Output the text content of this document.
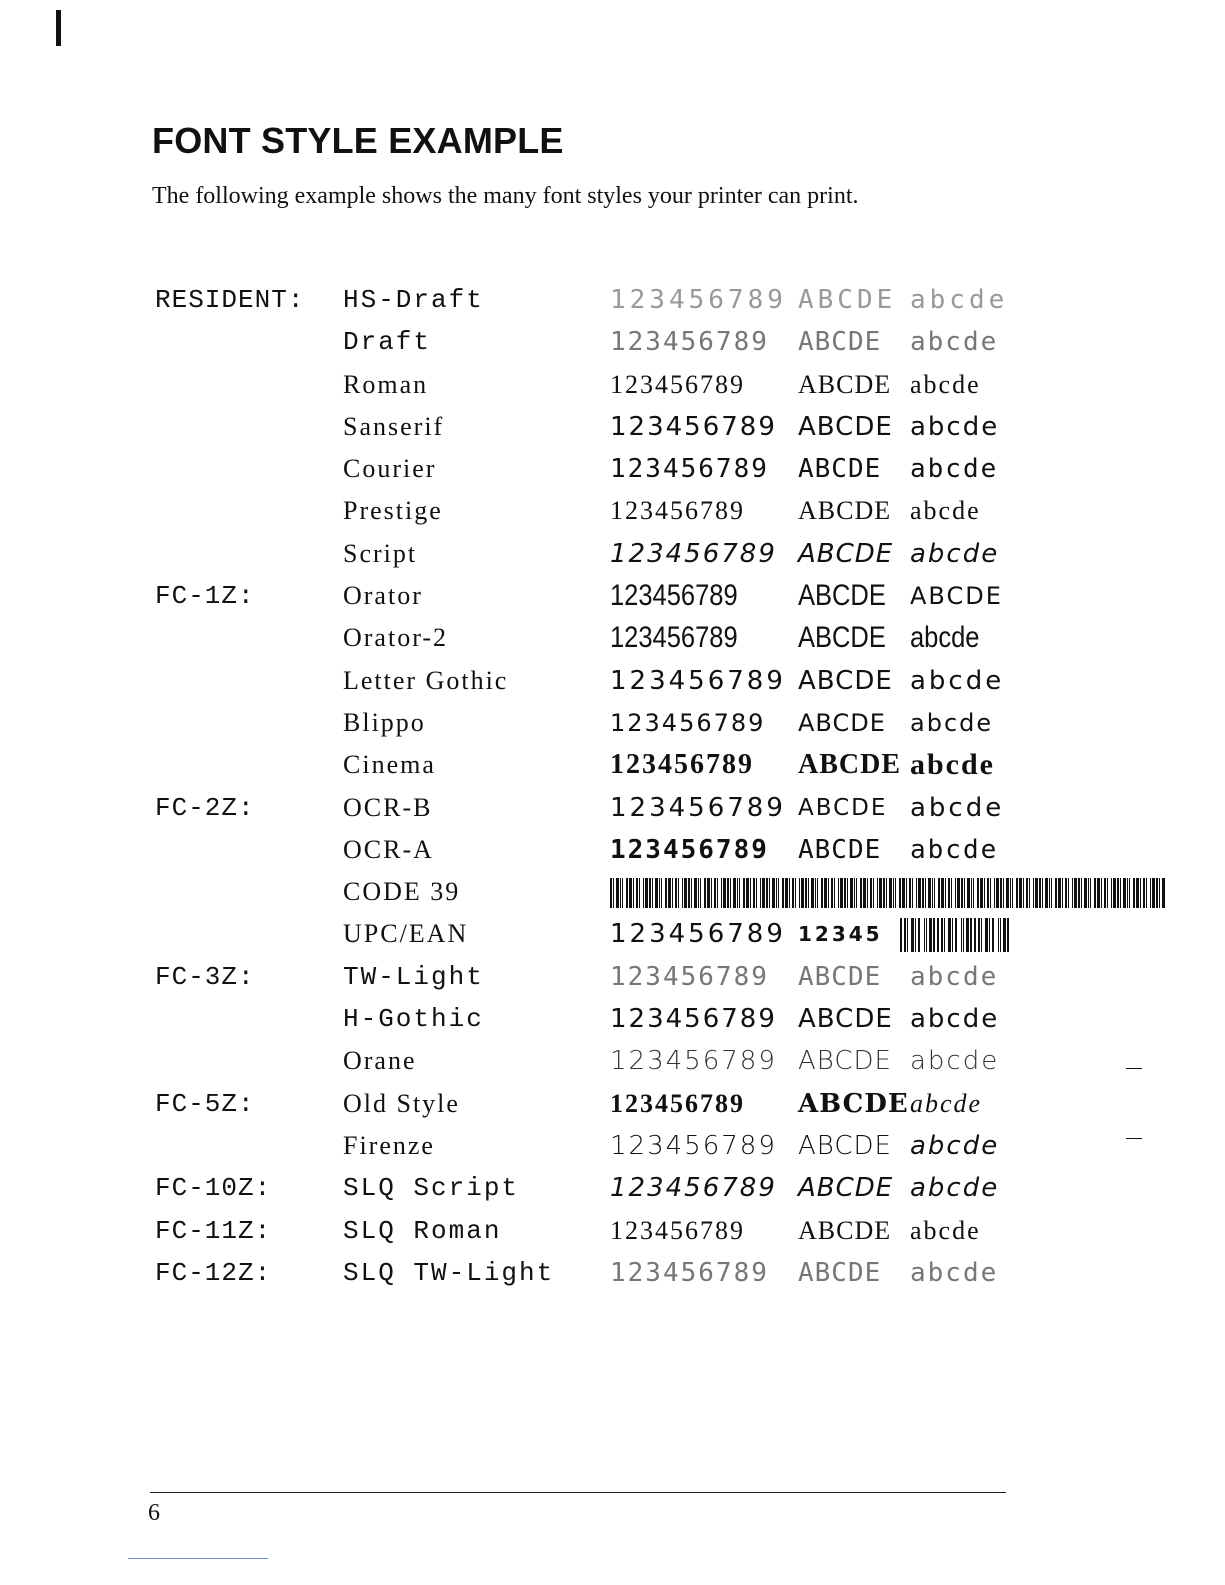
FONT STYLE EXAMPLE

The following example shows the many font styles your printer can print.

RESIDENT: HS-Draft	123456789 ABCDE abcde
Draft	123456789	ABCDE	abcde
Roman	123456789	ABCDE abcde
Sanserif	123456789 ABCDE abcde
Courier	123456789	ABCDE	abcde
Prestige	123456789	ABCDE abcde
Script	123456789 ABCDE abcde
FC-1Z:	Orator	123456789	ABCDE ABCDE
Orator-2	123456789	ABCDE abcde
Letter Gothic	123456789 ABCDE abcde
Blippo	123456789	ABCDE	abcde
Cinema	123456789	ABCDE abcde
FC-2Z:	OCR-B	123456789 ABCDE abcde
OCR-A	123456789	ABCDE	abcde
CODE 39
UPC/EAN	123456789 12345
FC-3Z:	TW-Light	123456789	ABCDE	abcde
H-Gothic	123456789 ABCDE abcde
Orane	123456789 ABCDE abcde
FC-5Z:	Old Style	123456789	ABCDE abcde
Firenze	123456789 ABCDE abcde
FC-10Z:	SLQ Script	123456789 ABCDE abcde
FC-11Z:	SLQ Roman	123456789	ABCDE abcde
FC-12Z:	SLQ TW-Light 123456789	ABCDE	abcde
6
